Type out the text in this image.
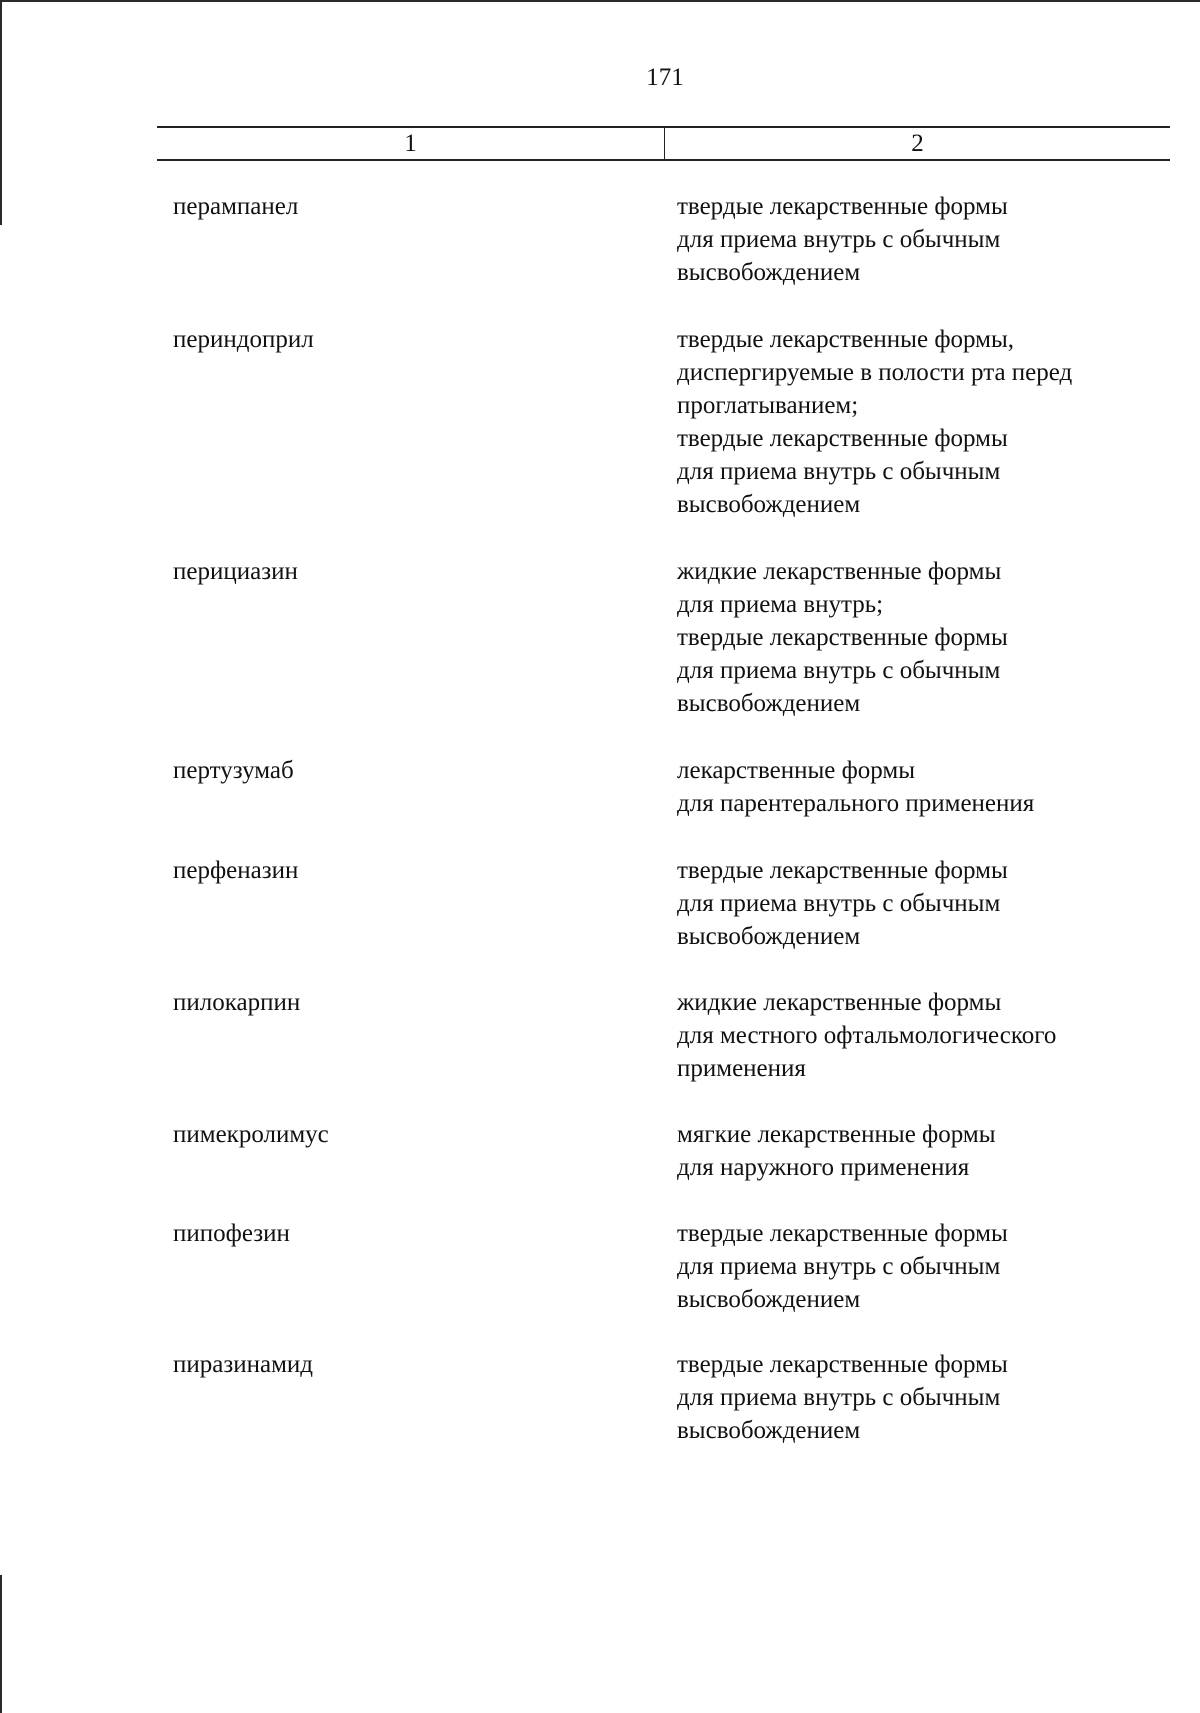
171
1	2
перампанел	твердые лекарственные формы
для приема внутрь с обычным
высвобождением
периндоприл	твердые лекарственные формы,
диспергируемые в полости рта перед
проглатыванием;
твердые лекарственные формы
для приема внутрь с обычным
высвобождением
перициазин	жидкие лекарственные формы
для приема внутрь;
твердые лекарственные формы
для приема внутрь с обычным
высвобождением
пертузумаб	лекарственные формы
для парентерального применения
перфеназин	твердые лекарственные формы
для приема внутрь с обычным
высвобождением
пилокарпин	жидкие лекарственные формы
для местного офтальмологического
применения
пимекролимус	мягкие лекарственные формы
для наружного применения
пипофезин	твердые лекарственные формы
для приема внутрь с обычным
высвобождением
пиразинамид	твердые лекарственные формы
для приема внутрь с обычным
высвобождением
